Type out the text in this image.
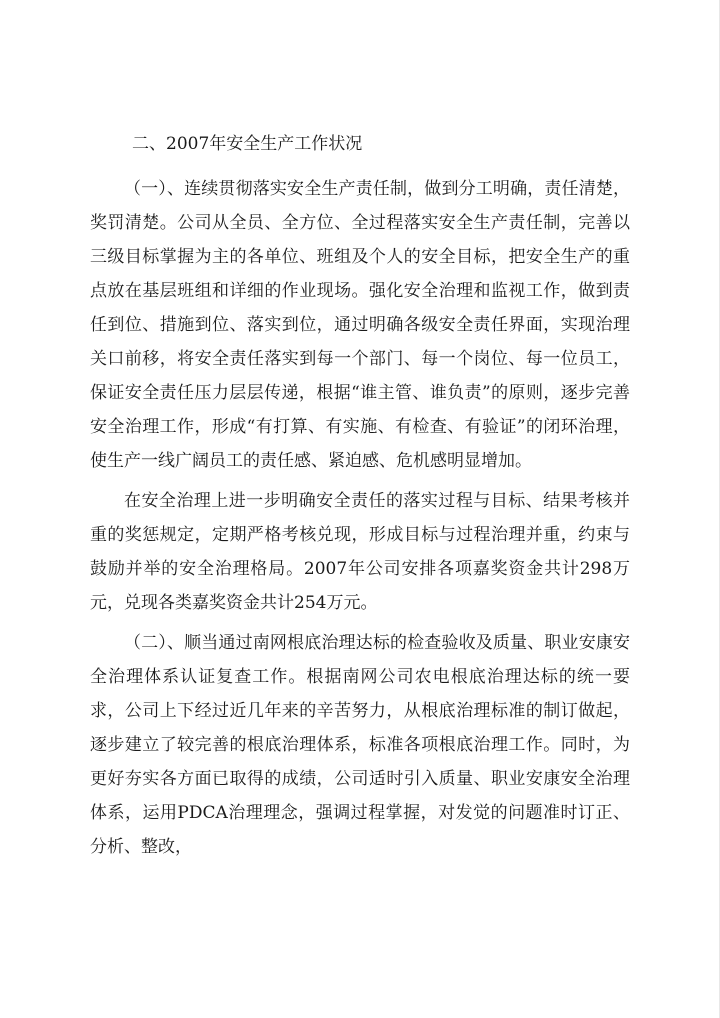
二、2007年安全生产工作状况

（一）、连续贯彻落实安全生产责任制，做到分工明确，责任清楚，奖罚清楚。公司从全员、全方位、全过程落实安全生产责任制，完善以三级目标掌握为主的各单位、班组及个人的安全目标，把安全生产的重点放在基层班组和详细的作业现场。强化安全治理和监视工作，做到责任到位、措施到位、落实到位，通过明确各级安全责任界面，实现治理关口前移，将安全责任落实到每一个部门、每一个岗位、每一位员工，保证安全责任压力层层传递，根据“谁主管、谁负责”的原则，逐步完善安全治理工作，形成“有打算、有实施、有检查、有验证”的闭环治理，使生产一线广阔员工的责任感、紧迫感、危机感明显增加。

在安全治理上进一步明确安全责任的落实过程与目标、结果考核并重的奖惩规定，定期严格考核兑现，形成目标与过程治理并重，约束与鼓励并举的安全治理格局。2007年公司安排各项嘉奖资金共计298万元，兑现各类嘉奖资金共计254万元。

（二）、顺当通过南网根底治理达标的检查验收及质量、职业安康安全治理体系认证复查工作。根据南网公司农电根底治理达标的统一要求，公司上下经过近几年来的辛苦努力，从根底治理标准的制订做起，逐步建立了较完善的根底治理体系，标准各项根底治理工作。同时，为更好夯实各方面已取得的成绩，公司适时引入质量、职业安康安全治理体系，运用PDCA治理理念，强调过程掌握，对发觉的问题准时订正、分析、整改，
